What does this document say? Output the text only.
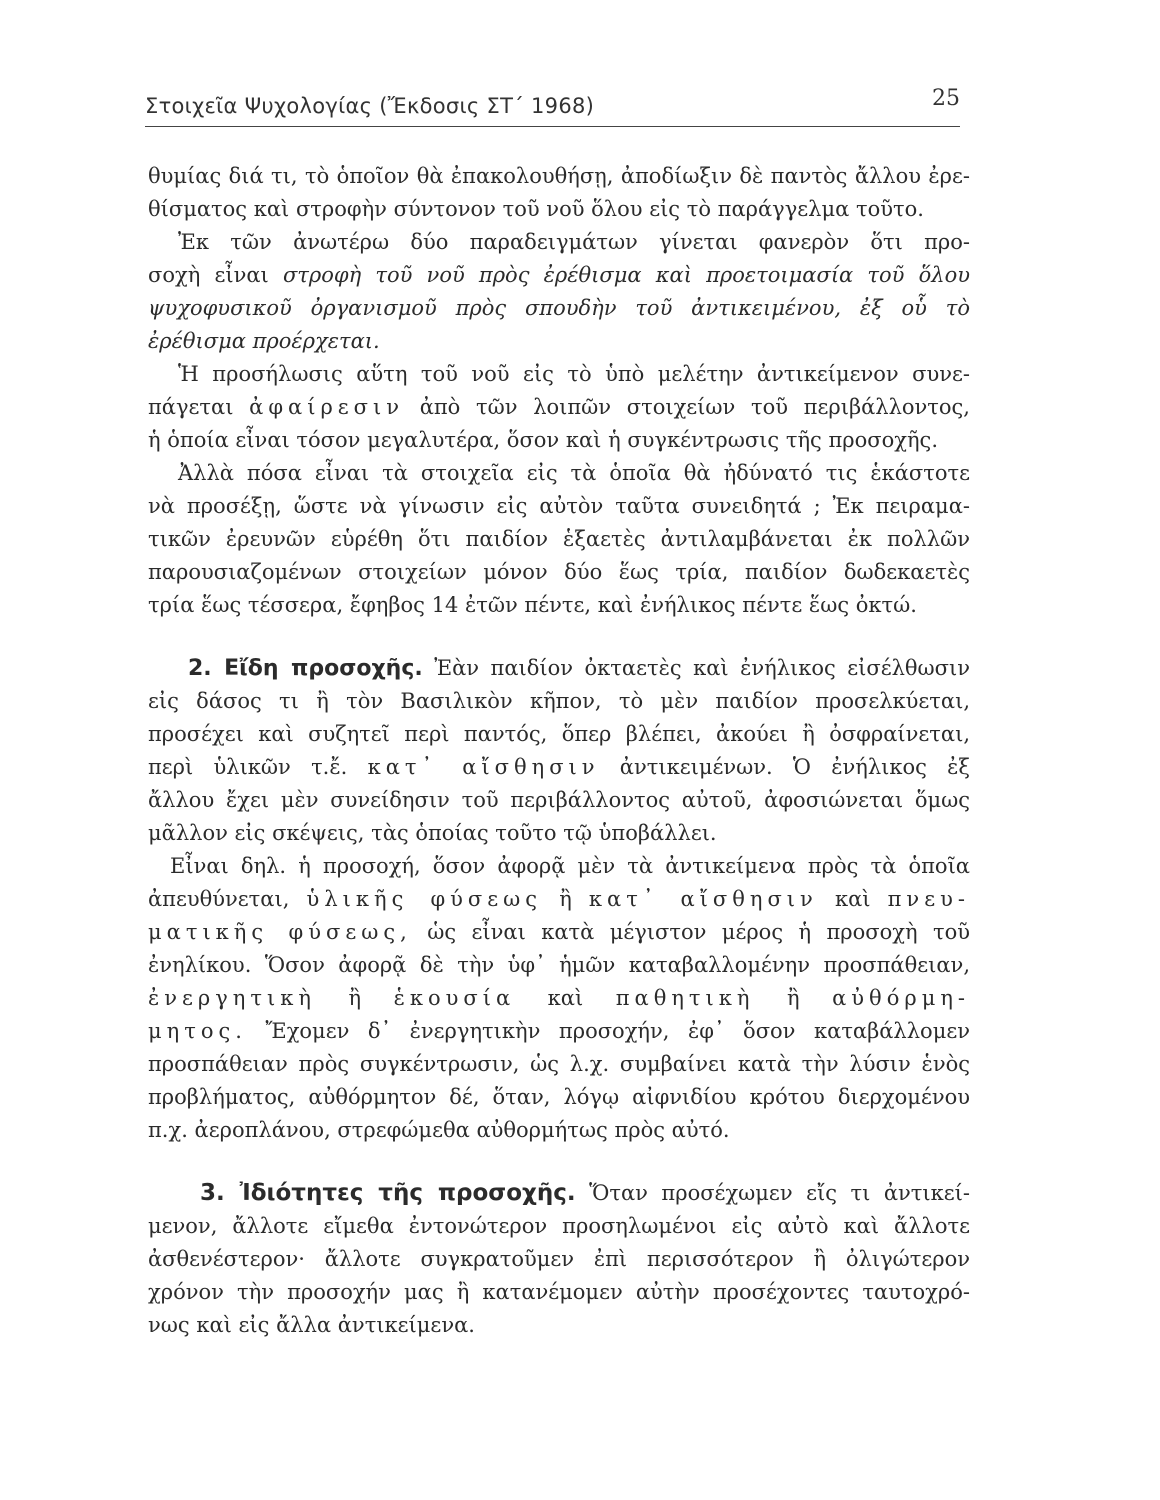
Στοιχεῖα Ψυχολογίας (Ἔκδοσις ΣΤ΄ 1968)	25
θυμίας διά τι, τὸ ὁποῖον θὰ ἐπακολουθήσῃ, ἀποδίωξιν δὲ παντὸς ἄλλου ἐρε-
θίσματος καὶ στροφὴν σύντονον τοῦ νοῦ ὅλου εἰς τὸ παράγγελμα τοῦτο.
Ἐκ τῶν ἀνωτέρω δύο παραδειγμάτων γίνεται φανερὸν ὅτι προ-
σοχὴ εἶναι στροφὴ τοῦ νοῦ πρὸς ἐρέθισμα καὶ προετοιμασία τοῦ ὅλου
ψυχοφυσικοῦ ὀργανισμοῦ πρὸς σπουδὴν τοῦ ἀντικειμένου, ἐξ οὗ τὸ
ἐρέθισμα προέρχεται.
Ἡ προσήλωσις αὕτη τοῦ νοῦ εἰς τὸ ὑπὸ μελέτην ἀντικείμενον συνε-
πάγεται ἀφαίρεσιν ἀπὸ τῶν λοιπῶν στοιχείων τοῦ περιβάλλοντος,
ἡ ὁποία εἶναι τόσον μεγαλυτέρα, ὅσον καὶ ἡ συγκέντρωσις τῆς προσοχῆς.
Ἀλλὰ πόσα εἶναι τὰ στοιχεῖα εἰς τὰ ὁποῖα θὰ ἠδύνατό τις ἑκάστοτε
νὰ προσέξῃ, ὥστε νὰ γίνωσιν εἰς αὐτὸν ταῦτα συνειδητά ; Ἐκ πειραμα-
τικῶν ἐρευνῶν εὑρέθη ὅτι παιδίον ἑξαετὲς ἀντιλαμβάνεται ἐκ πολλῶν
παρουσιαζομένων στοιχείων μόνον δύο ἕως τρία, παιδίον δωδεκαετὲς
τρία ἕως τέσσερα, ἔφηβος 14 ἐτῶν πέντε, καὶ ἐνήλικος πέντε ἕως ὀκτώ.
2. Εἴδη προσοχῆς. Ἐὰν παιδίον ὀκταετὲς καὶ ἐνήλικος εἰσέλθωσιν
εἰς δάσος τι ἢ τὸν Βασιλικὸν κῆπον, τὸ μὲν παιδίον προσελκύεται,
προσέχει καὶ συζητεῖ περὶ παντός, ὅπερ βλέπει, ἀκούει ἢ ὀσφραίνεται,
περὶ ὑλικῶν τ.ἔ. κατ᾽ αἴσθησιν ἀντικειμένων. Ὁ ἐνήλικος ἐξ
ἄλλου ἔχει μὲν συνείδησιν τοῦ περιβάλλοντος αὐτοῦ, ἀφοσιώνεται ὅμως
μᾶλλον εἰς σκέψεις, τὰς ὁποίας τοῦτο τῷ ὑποβάλλει.
Εἶναι δηλ. ἡ προσοχή, ὅσον ἀφορᾷ μὲν τὰ ἀντικείμενα πρὸς τὰ ὁποῖα
ἀπευθύνεται, ὑλικῆς φύσεως ἢ κατ᾽ αἴσθησιν καὶ πνευ-
ματικῆς φύσεως, ὡς εἶναι κατὰ μέγιστον μέρος ἡ προσοχὴ τοῦ
ἐνηλίκου. Ὅσον ἀφορᾷ δὲ τὴν ὑφ᾽ ἡμῶν καταβαλλομένην προσπάθειαν,
ἐνεργητικὴ ἢ ἑκουσία καὶ παθητικὴ ἢ αὐθόρμη-
μητος. Ἔχομεν δ᾽ ἐνεργητικὴν προσοχήν, ἐφ᾽ ὅσον καταβάλλομεν
προσπάθειαν πρὸς συγκέντρωσιν, ὡς λ.χ. συμβαίνει κατὰ τὴν λύσιν ἑνὸς
προβλήματος, αὐθόρμητον δέ, ὅταν, λόγῳ αἰφνιδίου κρότου διερχομένου
π.χ. ἀεροπλάνου, στρεφώμεθα αὐθορμήτως πρὸς αὐτό.
3. Ἰδιότητες τῆς προσοχῆς. Ὅταν προσέχωμεν εἴς τι ἀντικεί-
μενον, ἄλλοτε εἴμεθα ἐντονώτερον προσηλωμένοι εἰς αὐτὸ καὶ ἄλλοτε
ἀσθενέστερον· ἄλλοτε συγκρατοῦμεν ἐπὶ περισσότερον ἢ ὀλιγώτερον
χρόνον τὴν προσοχήν μας ἢ κατανέμομεν αὐτὴν προσέχοντες ταυτοχρό-
νως καὶ εἰς ἄλλα ἀντικείμενα.
